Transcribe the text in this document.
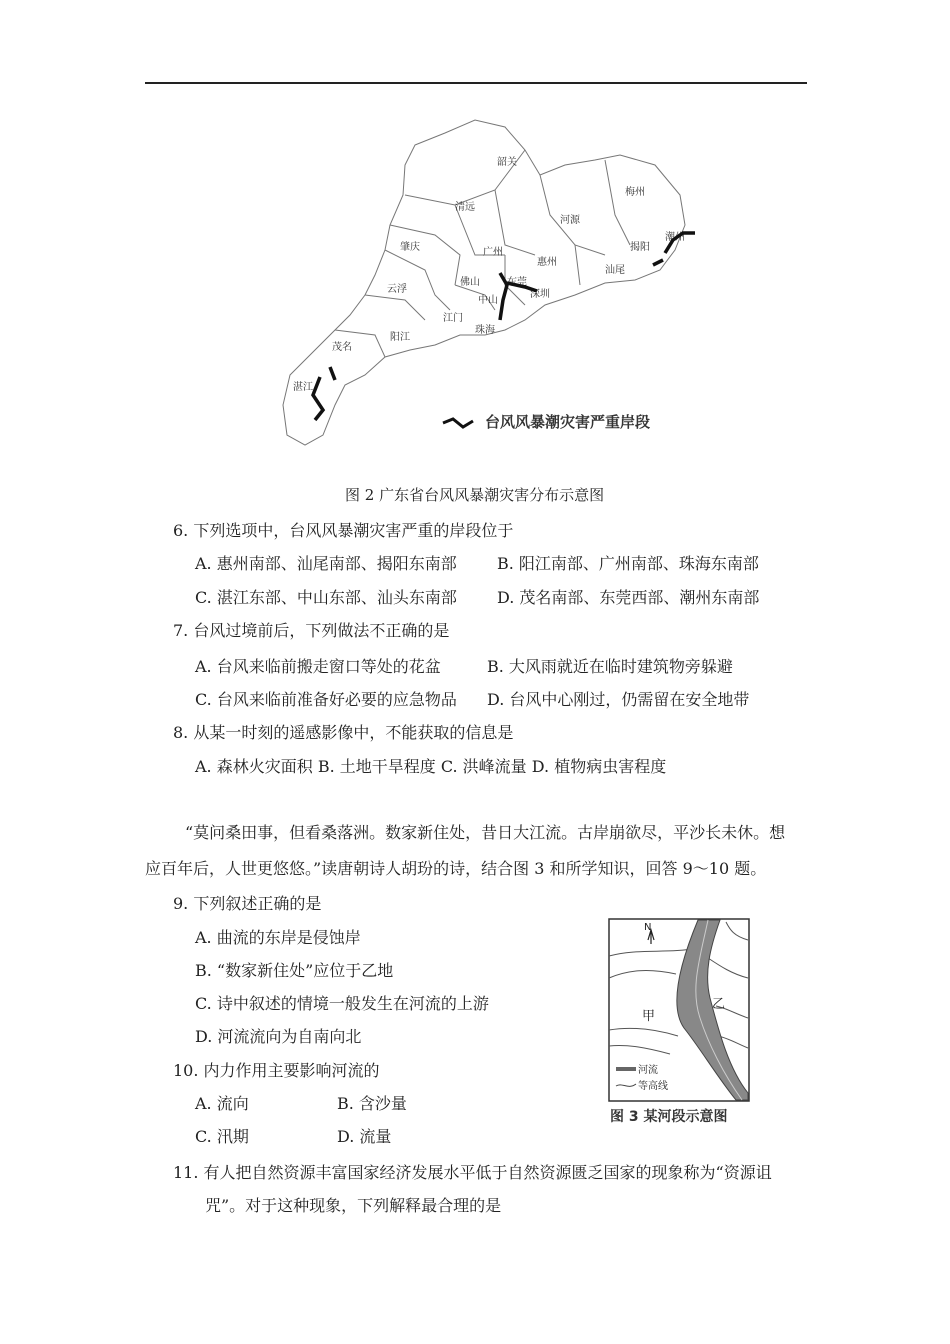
韶关
清远
河源
梅州
肇庆	广州
惠州
潮州
揭阳
云浮
佛山	东莞
深圳
汕尾
中山
江门
阳江
茂名
湛江
珠海
台风风暴潮灾害严重岸段
图 2 广东省台风风暴潮灾害分布示意图
6. 下列选项中，台风风暴潮灾害严重的岸段位于
A. 惠州南部、汕尾南部、揭阳东南部	B. 阳江南部、广州南部、珠海东南部
C. 湛江东部、中山东部、汕头东南部	D. 茂名南部、东莞西部、潮州东南部
7. 台风过境前后，下列做法不正确的是
A. 台风来临前搬走窗口等处的花盆	B. 大风雨就近在临时建筑物旁躲避
C. 台风来临前准备好必要的应急物品 D. 台风中心刚过，仍需留在安全地带
8. 从某一时刻的遥感影像中，不能获取的信息是
A. 森林火灾面积 B. 土地干旱程度 C. 洪峰流量 D. 植物病虫害程度
“莫问桑田事，但看桑落洲。数家新住处，昔日大江流。古岸崩欲尽，平沙长未休。想
应百年后，人世更悠悠。”读唐朝诗人胡玢的诗，结合图 3 和所学知识，回答 9～10 题。
9. 下列叙述正确的是
A. 曲流的东岸是侵蚀岸
B. “数家新住处”应位于乙地
C. 诗中叙述的情境一般发生在河流的上游
D. 河流流向为自南向北
10. 内力作用主要影响河流的
A. 流向	B. 含沙量
C. 汛期	D. 流量
11. 有人把自然资源丰富国家经济发展水平低于自然资源匮乏国家的现象称为“资源诅
咒”。对于这种现象，下列解释最合理的是
N
甲
乙
河流
等高线
图 3 某河段示意图
